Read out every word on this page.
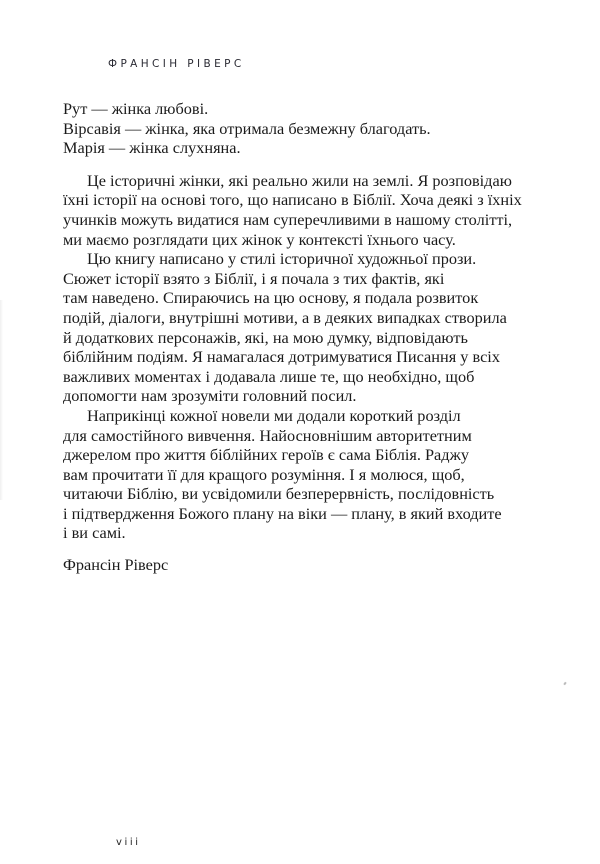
ФРАНСІН РІВЕРС
Рут — жінка любові.
Вірсавія — жінка, яка отримала безмежну благодать.
Марія — жінка слухняна.
Це історичні жінки, які реально жили на землі. Я розповідаю
їхні історії на основі того, що написано в Біблії. Хоча деякі з їхніх
учинків можуть видатися нам суперечливими в нашому столітті,
ми маємо розглядати цих жінок у контексті їхнього часу.
Цю книгу написано у стилі історичної художньої прози.
Сюжет історії взято з Біблії, і я почала з тих фактів, які
там наведено. Спираючись на цю основу, я подала розвиток
подій, діалоги, внутрішні мотиви, а в деяких випадках створила
й додаткових персонажів, які, на мою думку, відповідають
біблійним подіям. Я намагалася дотримуватися Писання у всіх
важливих моментах і додавала лише те, що необхідно, щоб
допомогти нам зрозуміти головний посил.
Наприкінці кожної новели ми додали короткий розділ
для самостійного вивчення. Найосновнішим авторитетним
джерелом про життя біблійних героїв є сама Біблія. Раджу
вам прочитати її для кращого розуміння. І я молюся, щоб,
читаючи Біблію, ви усвідомили безперервність, послідовність
і підтвердження Божого плану на віки — плану, в який входите
і ви самі.
Франсін Ріверс
viii
